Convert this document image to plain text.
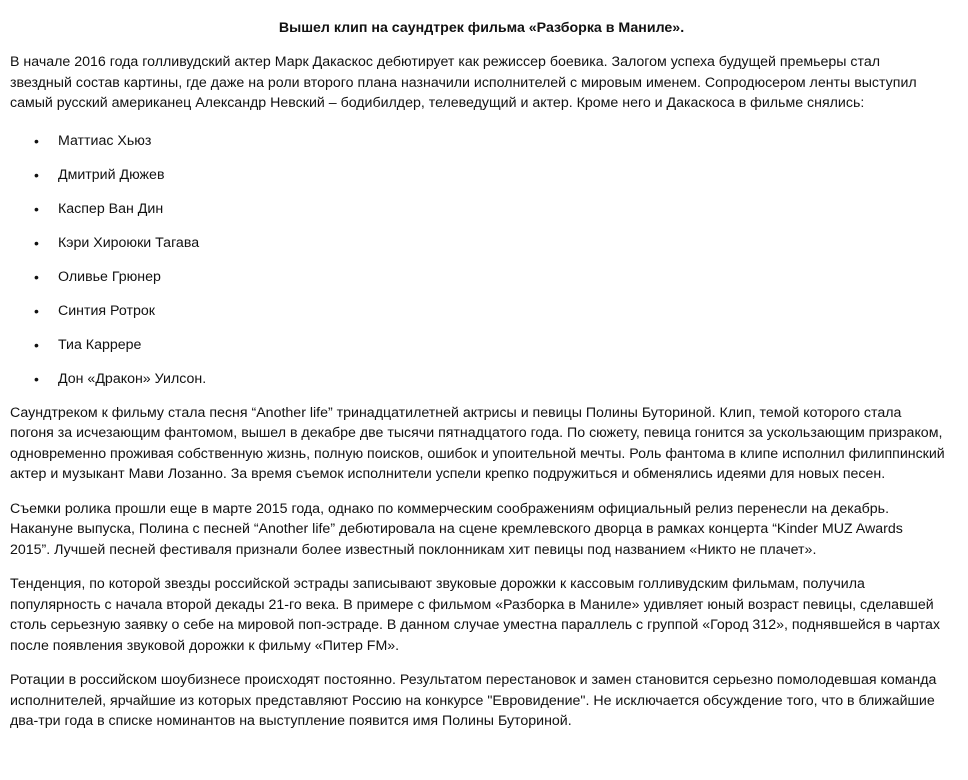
Вышел клип на саундтрек фильма «Разборка в Маниле».

В начале 2016 года голливудский актер Марк Дакаскос дебютирует как режиссер боевика. Залогом успеха будущей премьеры стал звездный состав картины, где даже на роли второго плана назначили исполнителей с мировым именем. Сопродюсером ленты выступил самый русский американец Александр Невский – бодибилдер, телеведущий и актер. Кроме него и Дакаскоса в фильме снялись:

• Маттиас Хьюз
• Дмитрий Дюжев
• Каспер Ван Дин
• Кэри Хироюки Тагава
• Оливье Грюнер
• Синтия Ротрок
• Тиа Каррере
• Дон «Дракон» Уилсон.

Саундтреком к фильму стала песня “Another life” тринадцатилетней актрисы и певицы Полины Буториной. Клип, темой которого стала погоня за исчезающим фантомом, вышел в декабре две тысячи пятнадцатого года. По сюжету, певица гонится за ускользающим призраком, одновременно проживая собственную жизнь, полную поисков, ошибок и упоительной мечты. Роль фантома в клипе исполнил филиппинский актер и музыкант Мави Лозанно. За время съемок исполнители успели крепко подружиться и обменялись идеями для новых песен.

Съемки ролика прошли еще в марте 2015 года, однако по коммерческим соображениям официальный релиз перенесли на декабрь. Накануне выпуска, Полина с песней “Another life” дебютировала на сцене кремлевского дворца в рамках концерта “Kinder MUZ Awards 2015”. Лучшей песней фестиваля признали более известный поклонникам хит певицы под названием «Никто не плачет».

Тенденция, по которой звезды российской эстрады записывают звуковые дорожки к кассовым голливудским фильмам, получила популярность с начала второй декады 21-го века. В примере с фильмом «Разборка в Маниле» удивляет юный возраст певицы, сделавшей столь серьезную заявку о себе на мировой поп-эстраде. В данном случае уместна параллель с группой «Город 312», поднявшейся в чартах после появления звуковой дорожки к фильму «Питер FM».

Ротации в российском шоубизнесе происходят постоянно. Результатом перестановок и замен становится серьезно помолодевшая команда исполнителей, ярчайшие из которых представляют Россию на конкурсе "Евровидение". Не исключается обсуждение того, что в ближайшие два-три года в списке номинантов на выступление появится имя Полины Буториной.
